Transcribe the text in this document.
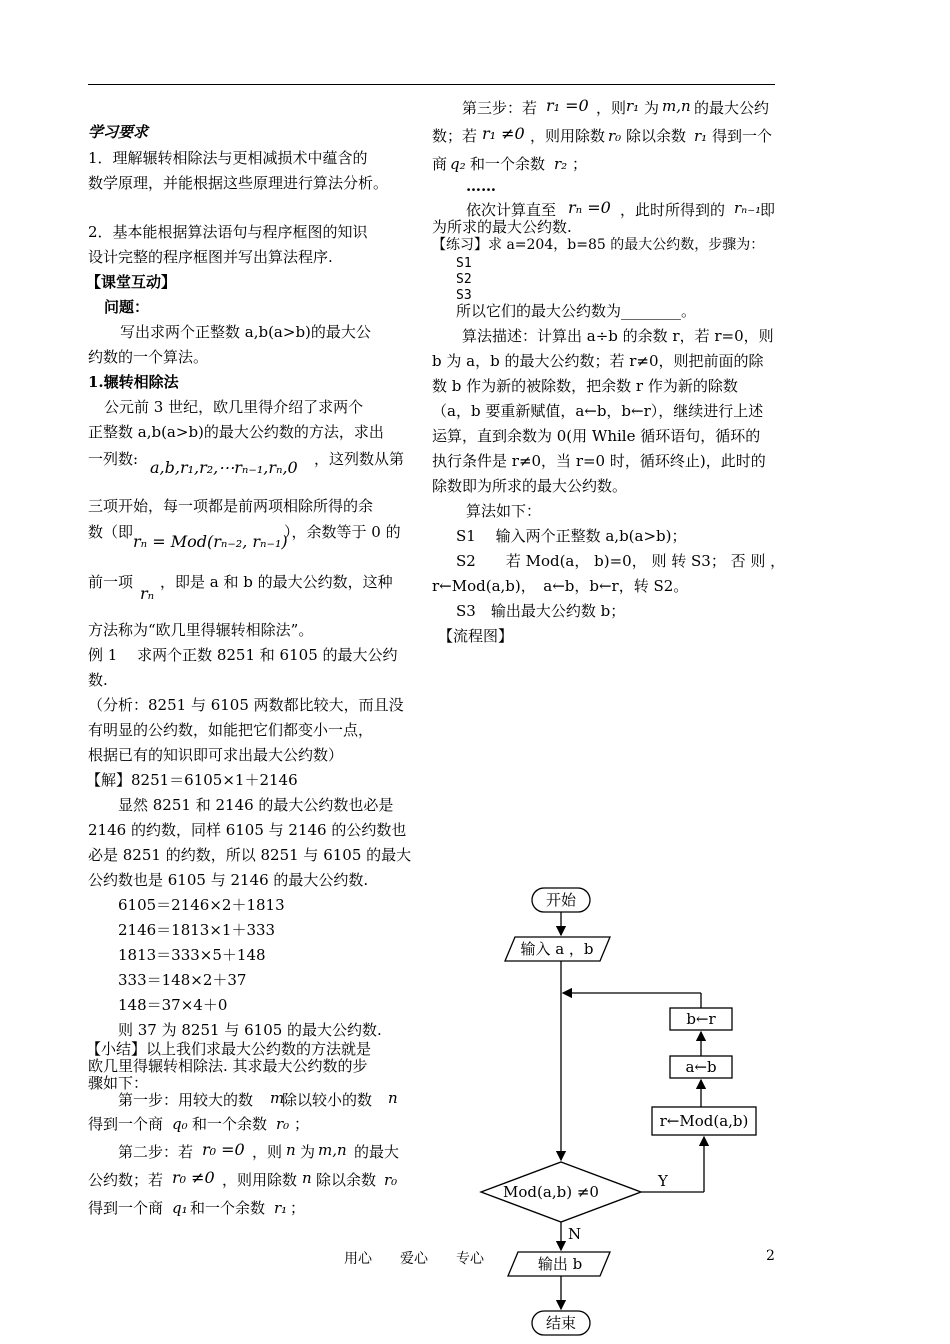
学习要求
1．理解辗转相除法与更相减损术中蕴含的
数学原理，并能根据这些原理进行算法分析。
2．基本能根据算法语句与程序框图的知识
设计完整的程序框图并写出算法程序.
【课堂互动】
问题：
写出求两个正整数 a,b(a>b)的最大公
约数的一个算法。
1.辗转相除法
公元前 3 世纪，欧几里得介绍了求两个
正整数 a,b(a>b)的最大公约数的方法，求出
一列数: a,b,r₁,r₂,⋯rₙ₋₁,rₙ,0 ，这列数从第
三项开始，每一项都是前两项相除所得的余
数（即 rₙ = Mod(rₙ₋₂, rₙ₋₁)
），余数等于 0 的
前一项
rₙ
，即是 a 和 b 的最大公约数，这种
方法称为“欧几里得辗转相除法”。
例 1　 求两个正数 8251 和 6105 的最大公约
数.
（分析：8251 与 6105 两数都比较大，而且没
有明显的公约数，如能把它们都变小一点，
根据已有的知识即可求出最大公约数）
【解】8251＝6105×1＋2146
显然 8251 和 2146 的最大公约数也必是
2146 的约数，同样 6105 与 2146 的公约数也
必是 8251 的约数，所以 8251 与 6105 的最大
公约数也是 6105 与 2146 的最大公约数.
6105＝2146×2＋1813
2146＝1813×1＋333
1813＝333×5＋148
333＝148×2＋37
148＝37×4＋0
则 37 为 8251 与 6105 的最大公约数.
【小结】以上我们求最大公约数的方法就是
欧几里得辗转相除法. 其求最大公约数的步
骤如下：
第一步：用较大的数 m
除以较小的数 n
得到一个商 q₀ 和一个余数 r₀ ；
第二步：若 r₀ =0 ，则 n 为 m,n 的最大
公约数；若 r₀ ≠0 ，则用除数 n 除以余数 r₀
得到一个商 q₁ 和一个余数 r₁ ；
第三步：若 r₁ =0 ，则 r₁ 为 m,n 的最大公约
数；若 r₁ ≠0 ，则用除数 r₀ 除以余数 r₁ 得到一个
商 q₂ 和一个余数 r₂ ；
……
依次计算直至 rₙ =0 ，此时所得到的 rₙ₋₁
即
为所求的最大公约数.
【练习】求 a=204，b=85 的最大公约数，步骤为：
S1
S2
S3
所以它们的最大公约数为________。
算法描述：计算出 a÷b 的余数 r，若 r=0，则
b 为 a，b 的最大公约数；若 r≠0，则把前面的除
数 b 作为新的被除数，把余数 r 作为新的除数
（a，b 要重新赋值，a←b，b←r），继续进行上述
运算，直到余数为 0(用 While 循环语句，循环的
执行条件是 r≠0，当 r=0 时，循环终止)，此时的
除数即为所求的最大公约数。
算法如下：
S1　 输入两个正整数 a,b(a>b)；
S2　　若 Mod(a， b)=0， 则 转 S3； 否 则 ，
r←Mod(a,b)，　a←b，b←r，转 S2。
S3　输出最大公约数 b；
【流程图】
开始
输入 a ，b
b←r
a←b
r←Mod(a,b)
Mod(a,b) ≠0
Y
N
输出 b
结束
用心　　爱心　　专心	2
